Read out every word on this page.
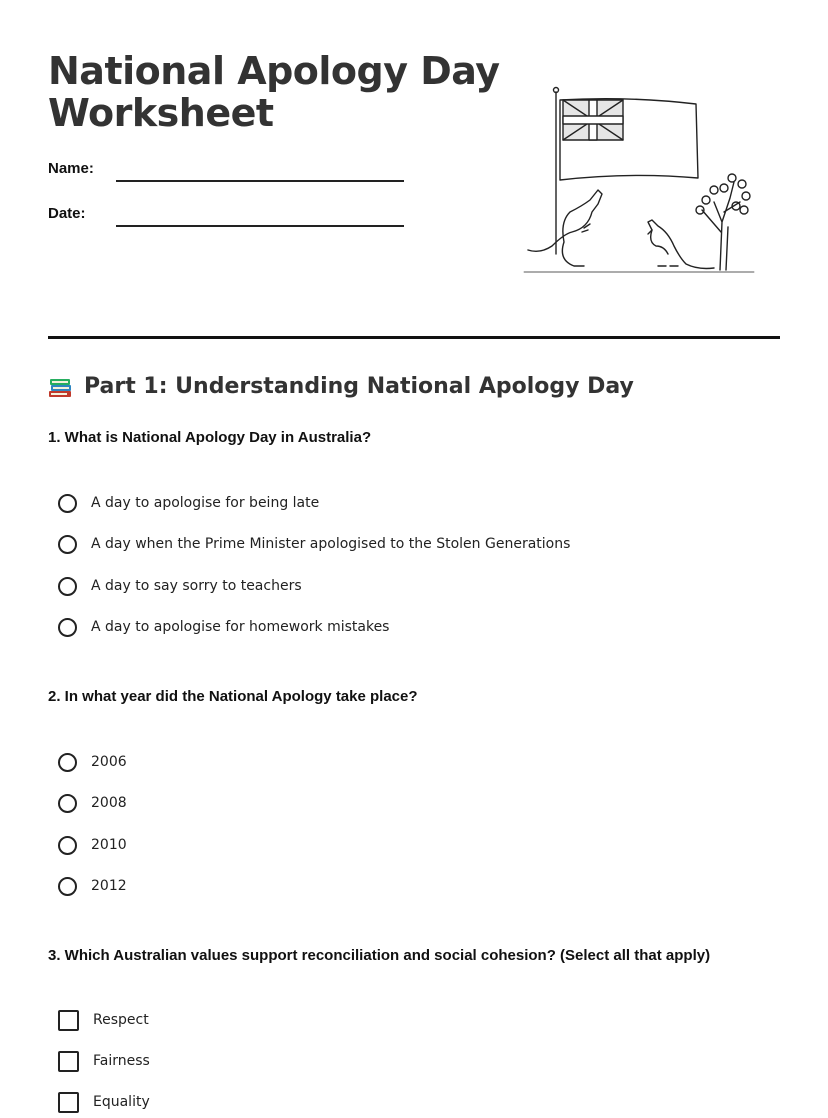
National Apology Day
Worksheet
Name:
Date:
Part 1: Understanding National Apology Day

1. What is National Apology Day in Australia?

A day to apologise for being late
A day when the Prime Minister apologised to the Stolen Generations
A day to say sorry to teachers
A day to apologise for homework mistakes

2. In what year did the National Apology take place?

2006
2008
2010
2012

3. Which Australian values support reconciliation and social cohesion? (Select all that apply)

Respect
Fairness
Equality
